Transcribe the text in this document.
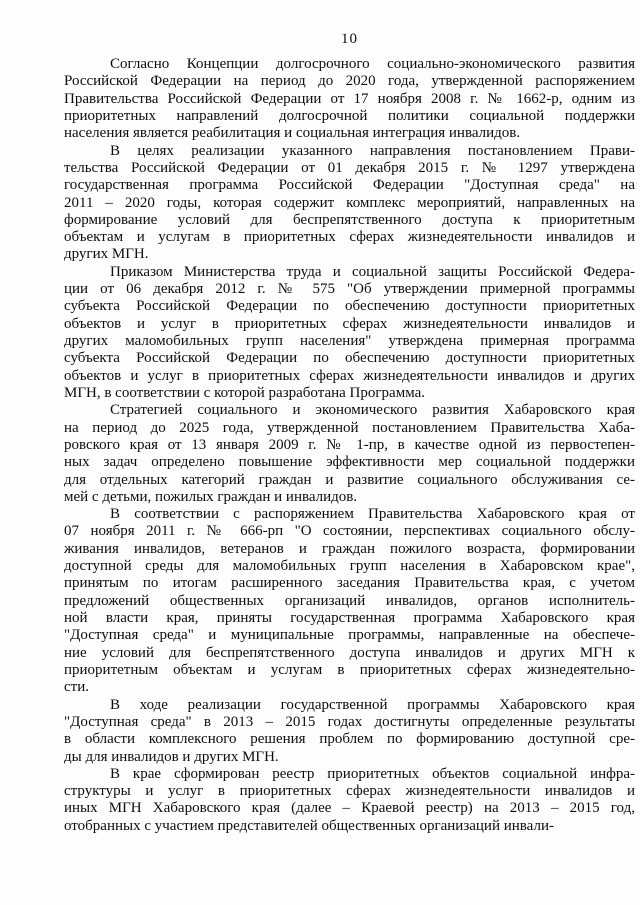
10
Согласно Концепции долгосрочного социально-экономического развития
Российской Федерации на период до 2020 года, утвержденной распоряжением
Правительства Российской Федерации от 17 ноября 2008 г. № 1662-р, одним из
приоритетных направлений долгосрочной политики социальной поддержки
населения является реабилитация и социальная интеграция инвалидов.
В целях реализации указанного направления постановлением Прави-
тельства Российской Федерации от 01 декабря 2015 г. № 1297 утверждена
государственная программа Российской Федерации "Доступная среда" на
2011 – 2020 годы, которая содержит комплекс мероприятий, направленных на
формирование условий для беспрепятственного доступа к приоритетным
объектам и услугам в приоритетных сферах жизнедеятельности инвалидов и
других МГН.
Приказом Министерства труда и социальной защиты Российской Федера-
ции от 06 декабря 2012 г. № 575 "Об утверждении примерной программы
субъекта Российской Федерации по обеспечению доступности приоритетных
объектов и услуг в приоритетных сферах жизнедеятельности инвалидов и
других маломобильных групп населения" утверждена примерная программа
субъекта Российской Федерации по обеспечению доступности приоритетных
объектов и услуг в приоритетных сферах жизнедеятельности инвалидов и других
МГН, в соответствии с которой разработана Программа.
Стратегией социального и экономического развития Хабаровского края
на период до 2025 года, утвержденной постановлением Правительства Хаба-
ровского края от 13 января 2009 г. № 1-пр, в качестве одной из первостепен-
ных задач определено повышение эффективности мер социальной поддержки
для отдельных категорий граждан и развитие социального обслуживания се-
мей с детьми, пожилых граждан и инвалидов.
В соответствии с распоряжением Правительства Хабаровского края от
07 ноября 2011 г. № 666-рп "О состоянии, перспективах социального обслу-
живания инвалидов, ветеранов и граждан пожилого возраста, формировании
доступной среды для маломобильных групп населения в Хабаровском крае",
принятым по итогам расширенного заседания Правительства края, с учетом
предложений общественных организаций инвалидов, органов исполнитель-
ной власти края, приняты государственная программа Хабаровского края
"Доступная среда" и муниципальные программы, направленные на обеспече-
ние условий для беспрепятственного доступа инвалидов и других МГН к
приоритетным объектам и услугам в приоритетных сферах жизнедеятельно-
сти.
В ходе реализации государственной программы Хабаровского края
"Доступная среда" в 2013 – 2015 годах достигнуты определенные результаты
в области комплексного решения проблем по формированию доступной сре-
ды для инвалидов и других МГН.
В крае сформирован реестр приоритетных объектов социальной инфра-
структуры и услуг в приоритетных сферах жизнедеятельности инвалидов и
иных МГН Хабаровского края (далее – Краевой реестр) на 2013 – 2015 год,
отобранных с участием представителей общественных организаций инвали-
